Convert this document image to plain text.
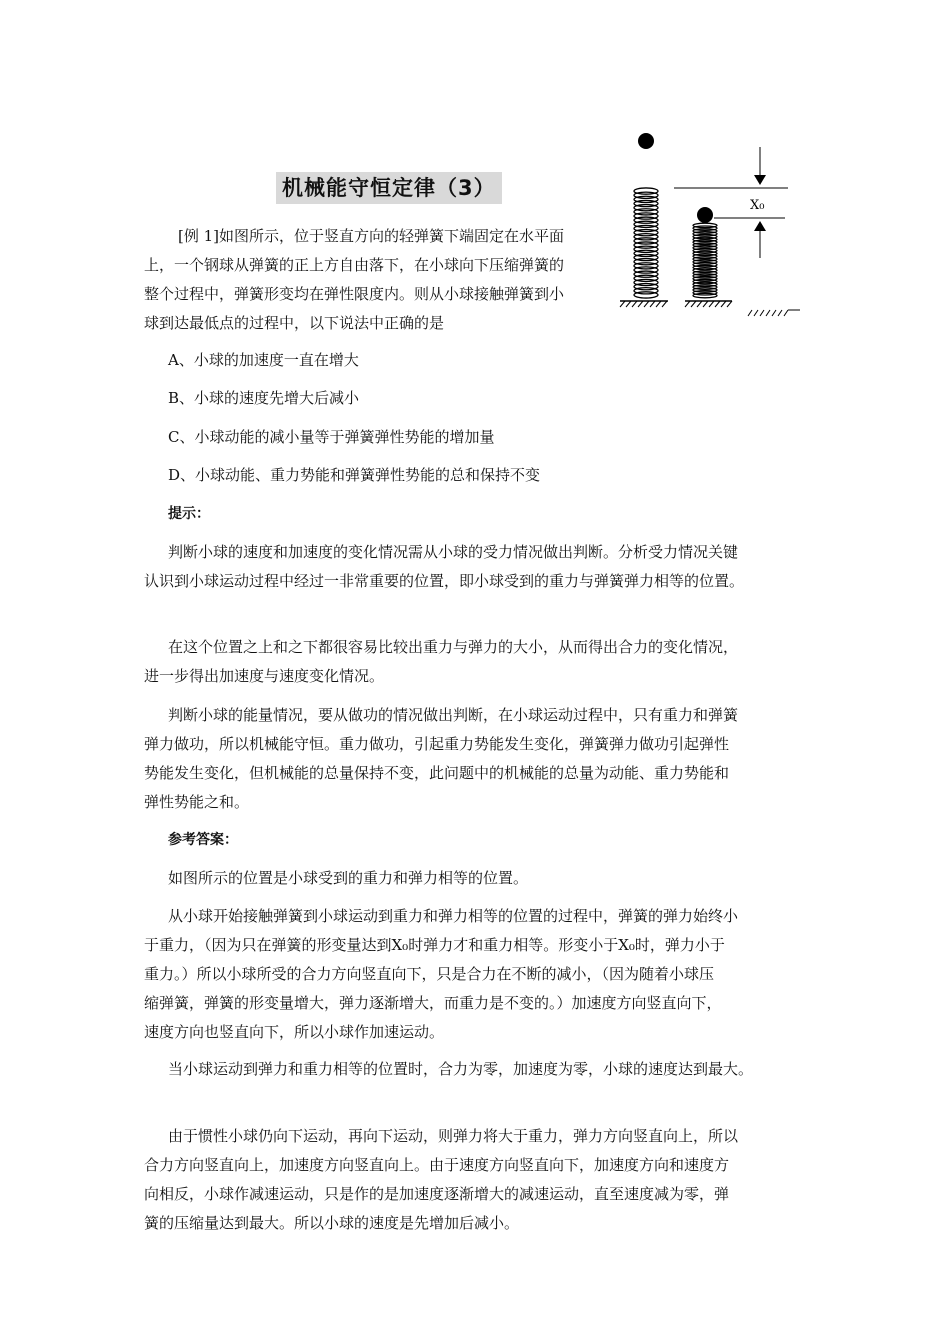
机械能守恒定律（3）
X₀
[例 1]如图所示，位于竖直方向的轻弹簧下端固定在水平面
上，一个钢球从弹簧的正上方自由落下，在小球向下压缩弹簧的
整个过程中，弹簧形变均在弹性限度内。则从小球接触弹簧到小
球到达最低点的过程中，以下说法中正确的是
A、小球的加速度一直在增大
B、小球的速度先增大后减小
C、小球动能的减小量等于弹簧弹性势能的增加量
D、小球动能、重力势能和弹簧弹性势能的总和保持不变
提示：
判断小球的速度和加速度的变化情况需从小球的受力情况做出判断。分析受力情况关键
认识到小球运动过程中经过一非常重要的位置，即小球受到的重力与弹簧弹力相等的位置。
在这个位置之上和之下都很容易比较出重力与弹力的大小，从而得出合力的变化情况，
进一步得出加速度与速度变化情况。
判断小球的能量情况，要从做功的情况做出判断，在小球运动过程中，只有重力和弹簧
弹力做功，所以机械能守恒。重力做功，引起重力势能发生变化，弹簧弹力做功引起弹性
势能发生变化，但机械能的总量保持不变，此问题中的机械能的总量为动能、重力势能和
弹性势能之和。
参考答案：
如图所示的位置是小球受到的重力和弹力相等的位置。
从小球开始接触弹簧到小球运动到重力和弹力相等的位置的过程中，弹簧的弹力始终小
于重力，（因为只在弹簧的形变量达到X₀时弹力才和重力相等。形变小于X₀时，弹力小于
重力。）所以小球所受的合力方向竖直向下，只是合力在不断的减小，（因为随着小球压
缩弹簧，弹簧的形变量增大，弹力逐渐增大，而重力是不变的。）加速度方向竖直向下，
速度方向也竖直向下，所以小球作加速运动。
当小球运动到弹力和重力相等的位置时，合力为零，加速度为零，小球的速度达到最大。
由于惯性小球仍向下运动，再向下运动，则弹力将大于重力，弹力方向竖直向上，所以
合力方向竖直向上，加速度方向竖直向上。由于速度方向竖直向下，加速度方向和速度方
向相反，小球作减速运动，只是作的是加速度逐渐增大的减速运动，直至速度减为零，弹
簧的压缩量达到最大。所以小球的速度是先增加后减小。
